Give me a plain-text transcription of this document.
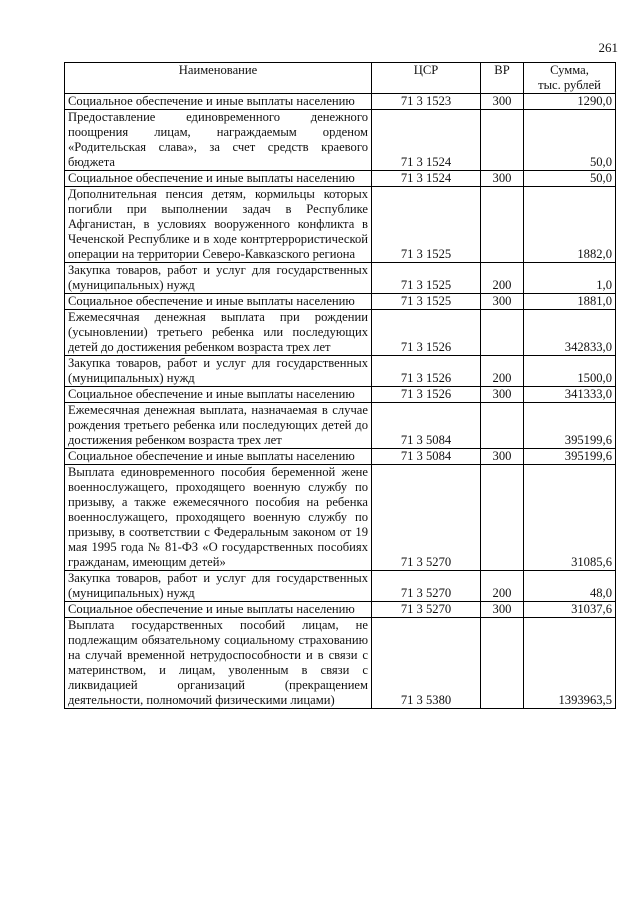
261
Наименование	ЦСР	ВР	Сумма,
тыс. рублей
Социальное обеспечение и иные выплаты населению	71 3 1523	300	1290,0
Предоставление единовременного денежного поощрения лицам, награждаемым орденом «Родительская слава», за счет средств краевого бюджета	71 3 1524		50,0
Социальное обеспечение и иные выплаты населению	71 3 1524	300	50,0
Дополнительная пенсия детям, кормильцы которых погибли при выполнении задач в Республике Афганистан, в условиях вооруженного конфликта в Чеченской Республике и в ходе контртеррористической операции на территории Северо-Кавказского региона	71 3 1525		1882,0
Закупка товаров, работ и услуг для государственных (муниципальных) нужд	71 3 1525	200	1,0
Социальное обеспечение и иные выплаты населению	71 3 1525	300	1881,0
Ежемесячная денежная выплата при рождении (усыновлении) третьего ребенка или последующих детей до достижения ребенком возраста трех лет	71 3 1526		342833,0
Закупка товаров, работ и услуг для государственных (муниципальных) нужд	71 3 1526	200	1500,0
Социальное обеспечение и иные выплаты населению	71 3 1526	300	341333,0
Ежемесячная денежная выплата, назначаемая в случае рождения третьего ребенка или последующих детей до достижения ребенком возраста трех лет	71 3 5084		395199,6
Социальное обеспечение и иные выплаты населению	71 3 5084	300	395199,6
Выплата единовременного пособия беременной жене военнослужащего, проходящего военную службу по призыву, а также ежемесячного пособия на ребенка военнослужащего, проходящего военную службу по призыву, в соответствии с Федеральным законом от 19 мая 1995 года № 81-ФЗ «О государственных пособиях гражданам, имеющим детей»	71 3 5270		31085,6
Закупка товаров, работ и услуг для государственных (муниципальных) нужд	71 3 5270	200	48,0
Социальное обеспечение и иные выплаты населению	71 3 5270	300	31037,6
Выплата государственных пособий лицам, не подлежащим обязательному социальному страхованию на случай временной нетрудоспособности и в связи с материнством, и лицам, уволенным в связи с ликвидацией организаций (прекращением деятельности, полномочий физическими лицами)	71 3 5380		1393963,5
